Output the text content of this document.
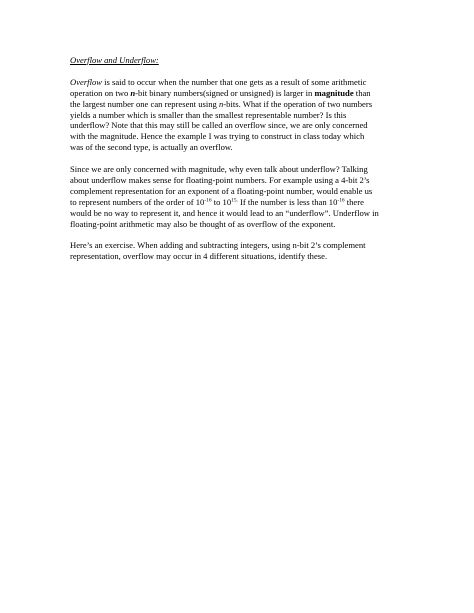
Overflow and Underflow:

Overflow is said to occur when the number that one gets as a result of some arithmetic
operation on two n-bit binary numbers(signed or unsigned) is larger in magnitude than
the largest number one can represent using n-bits. What if the operation of two numbers
yields a number which is smaller than the smallest representable number? Is this
underflow? Note that this may still be called an overflow since, we are only concerned
with the magnitude. Hence the example I was trying to construct in class today which
was of the second type, is actually an overflow.

Since we are only concerned with magnitude, why even talk about underflow? Talking
about underflow makes sense for floating-point numbers. For example using a 4-bit 2’s
complement representation for an exponent of a floating-point number, would enable us
to represent numbers of the order of $10^{-16}$ to $10^{15.}$ If the number is less than $10^{-16}$ there
would be no way to represent it, and hence it would lead to an “underflow”. Underflow in
floating-point arithmetic may also be thought of as overflow of the exponent.

Here’s an exercise. When adding and subtracting integers, using n-bit 2’s complement
representation, overflow may occur in 4 different situations, identify these.
